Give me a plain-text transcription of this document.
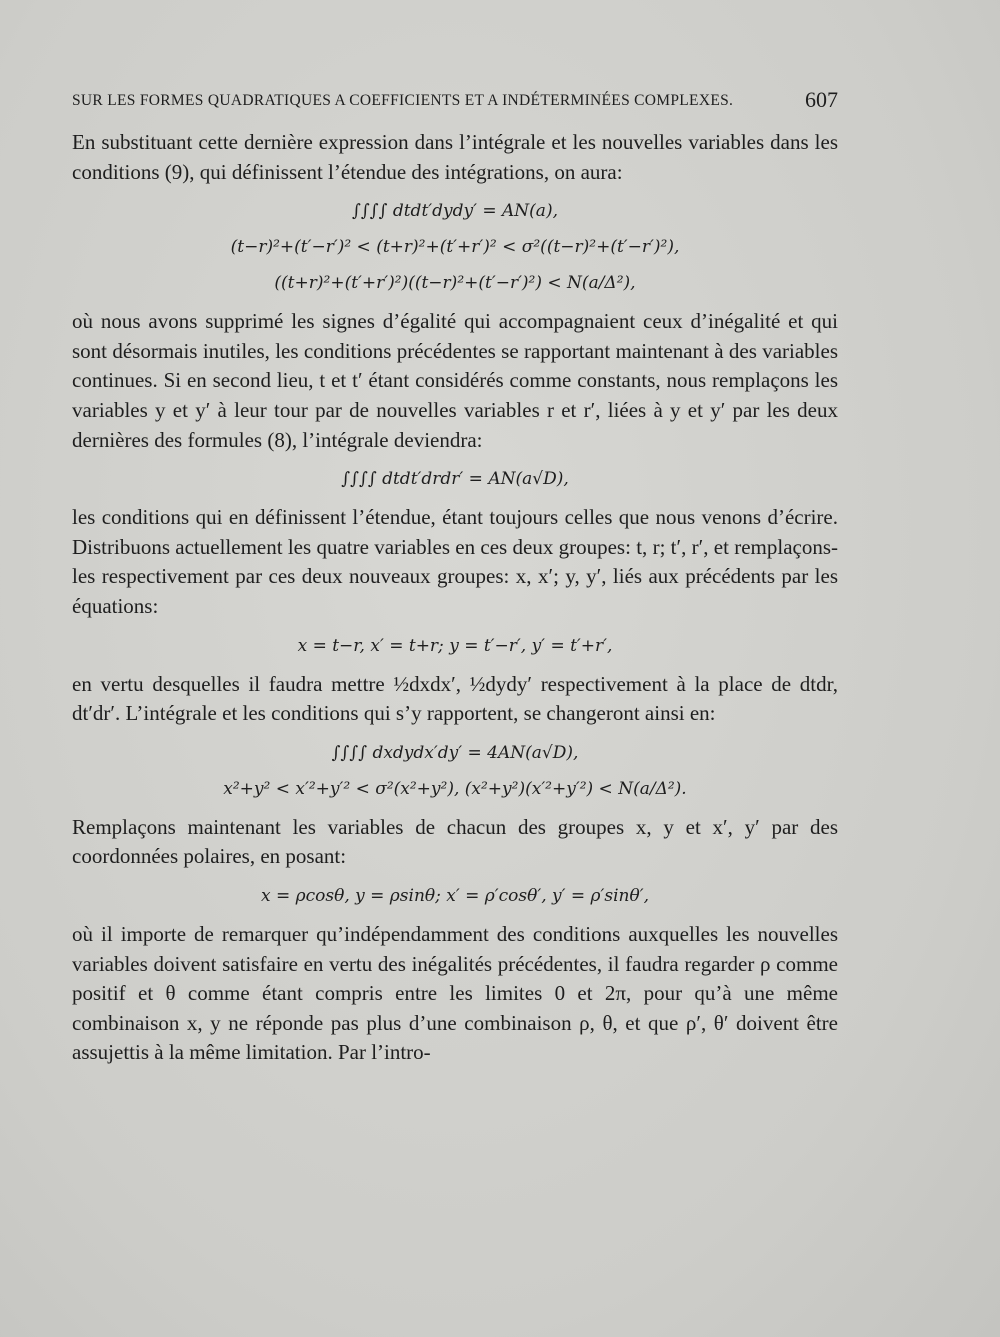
SUR LES FORMES QUADRATIQUES A COEFFICIENTS ET A INDÉTERMINÉES COMPLEXES.	607

En substituant cette dernière expression dans l’intégrale et les nouvelles variables dans les conditions (9), qui définissent l’étendue des intégrations, on aura:

∫∫∫∫ dtdt′dydy′ = AN(a),

(t−r)²+(t′−r′)² < (t+r)²+(t′+r′)² < σ²((t−r)²+(t′−r′)²),

((t+r)²+(t′+r′)²)((t−r)²+(t′−r′)²) < N(a/Δ²),

où nous avons supprimé les signes d’égalité qui accompagnaient ceux d’inégalité et qui sont désormais inutiles, les conditions précédentes se rapportant maintenant à des variables continues. Si en second lieu, t et t′ étant considérés comme constants, nous remplaçons les variables y et y′ à leur tour par de nouvelles variables r et r′, liées à y et y′ par les deux dernières des formules (8), l’intégrale deviendra:

∫∫∫∫ dtdt′drdr′ = AN(a√D),

les conditions qui en définissent l’étendue, étant toujours celles que nous venons d’écrire. Distribuons actuellement les quatre variables en ces deux groupes: t, r; t′, r′, et remplaçons-les respectivement par ces deux nouveaux groupes: x, x′; y, y′, liés aux précédents par les équations:

x = t−r, x′ = t+r; y = t′−r′, y′ = t′+r′,

en vertu desquelles il faudra mettre ½dxdx′, ½dydy′ respectivement à la place de dtdr, dt′dr′. L’intégrale et les conditions qui s’y rapportent, se changeront ainsi en:

∫∫∫∫ dxdydx′dy′ = 4AN(a√D),

x²+y² < x′²+y′² < σ²(x²+y²), (x²+y²)(x′²+y′²) < N(a/Δ²).

Remplaçons maintenant les variables de chacun des groupes x, y et x′, y′ par des coordonnées polaires, en posant:

x = ρcosθ, y = ρsinθ; x′ = ρ′cosθ′, y′ = ρ′sinθ′,

où il importe de remarquer qu’indépendamment des conditions auxquelles les nouvelles variables doivent satisfaire en vertu des inégalités précédentes, il faudra regarder ρ comme positif et θ comme étant compris entre les limites 0 et 2π, pour qu’à une même combinaison x, y ne réponde pas plus d’une combinaison ρ, θ, et que ρ′, θ′ doivent être assujettis à la même limitation. Par l’intro-
